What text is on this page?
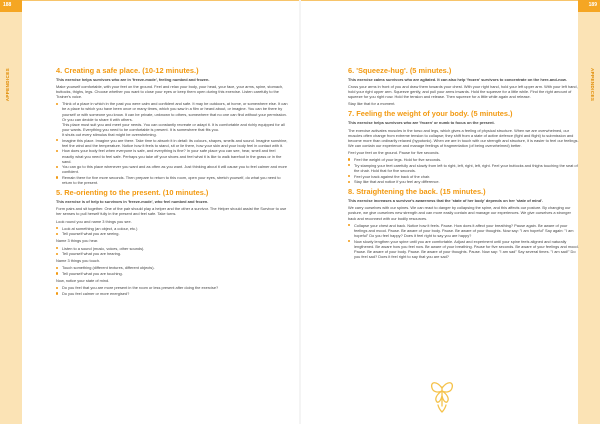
188	189
APPENDICES	APPENDICES
4. Creating a safe place. (10-12 minutes.)

This exercise helps survivors who are in 'freeze-mode', feeling numbed and frozen.

Make yourself comfortable, with your feet on the ground. Feel and relax your body, your head, your face, your arms, spine, stomach, buttocks, thighs, legs. Choose whether you want to close your eyes or keep them open during this exercise. Listen carefully to the Trainer's voice.

Think of a place in which in the past you were calm and confident and safe. It may be outdoors, at home, or somewhere else. It can be a place to which you have been once or many times, which you saw in a film or heard about, or imagine. You can be there by yourself or with someone you know. It can be private, unknown to others, somewhere that no one can find without your permission. Or you can decide to share it with others.
This place must suit you and meet your needs. You can constantly recreate or adapt it. It is comfortable and richly equipped for all your wants. Everything you need to be comfortable is present. It is somewhere that fits you.
It shuts out every stimulus that might be overwhelming.
Imagine this place. Imagine you are there. Take time to absorb it in detail: its colours, shapes, smells and sound. Imagine sunshine, feel the wind and the temperature. Notice how it feels to stand, sit or lie there, how your skin and your body feel in contact with it.
How does your body feel when everyone is safe, and everything is fine? In your safe place you can see, hear, smell and feel exactly what you need to feel safe. Perhaps you take off your shoes and feel what it is like to walk barefoot in the grass or in the sand.
You can go to this place whenever you want and as often as you want. Just thinking about it will cause you to feel calmer and more confident.
Remain there for five more seconds. Then prepare to return to this room, open your eyes, stretch yourself, do what you need to return to the present.
5. Re-orienting to the present. (10 minutes.)

This exercise is of help to survivors in 'freeze-mode', who feel numbed and frozen.

Form pairs and sit together. One of the pair should play a helper and the other a survivor. The Helper should assist the Survivor to use her senses to pull herself fully in the present and feel safe. Take turns.

Look round you and name 3 things you see.

Look at something (an object, a colour, etc.)
Tell yourself what you are seeing.

Name 3 things you hear.

Listen to a sound (music, voices, other sounds).
Tell yourself what you are hearing.

Name 3 things you touch.

Touch something (different textures, different objects).
Tell yourself what you are touching.

Now, notice your state of mind.

Do you feel that you are more present in the room or less present after doing the exercise?
Do you feel calmer or more energised?
6. 'Squeeze-hug'. (5 minutes.)

This exercise calms survivors who are agitated. It can also help 'frozen' survivors to concentrate on the here-and-now.

Cross your arms in front of you and draw them towards your chest. With your right hand, hold your left upper arm. With your left hand, hold your right upper arm. Squeeze gently, and pull your arms inwards. Hold the squeeze for a little while. Find the right amount of squeeze for you right now. Hold the tension and release. Then squeeze for a little while again and release.

Stay like that for a moment.

7. Feeling the weight of your body. (5 minutes.)

This exercise helps survivors who are 'frozen' or numb to focus on the present.

The exercise activates muscles in the torso and legs, which gives a feeling of physical structure. When we are overwhelmed, our muscles often change from extreme tension to collapse; they shift from a state of active defence (fight and flight) to submission and become more than ordinarily relaxed (hypotonic). When we are in touch with our strength and structure, it is easier to feel our feelings. We can contain our experience and manage feelings of fragmentation (of being overwhelmed) better.

Feel your feet on the ground. Pause for five seconds.

Feel the weight of your legs. Hold for five seconds.
Try stamping your feet carefully and slowly from left to right, left, right, left, right. Feel your buttocks and thighs touching the seat of the chair. Hold that for five seconds.
Feel your back against the back of the chair.
Stay like that and notice if you feel any difference.
8. Straightening the back. (15 minutes.)

This exercise increases a survivor's awareness that the 'state of her body' depends on her 'state of mind'.

We carry ourselves with our spines. We can react to danger by collapsing the spine, and this affects our posture. By changing our posture, we give ourselves new strength and can more easily contain and manage our experiences. We give ourselves a stronger back and reconnect with our bodily resources.

Collapse your chest and back. Notice how it feels. Pause. How does it affect your breathing? Pause again. Be aware of your feelings and mood. Pause. Be aware of your body. Pause. Be aware of your thoughts. Now say: "I am hopeful" Say again: "I am hopeful" Do you feel happy? Does it feel right to say you are happy?
Now slowly lengthen your spine until you are comfortable. Adjust and experiment until your spine feels aligned and naturally lengthened. Be aware how you feel now. Be aware of your breathing. Pause for five seconds. Be aware of your feelings and mood. Pause. Be aware of your body. Pause. Be aware of your thoughts. Pause. Now say: "I am sad" Say several times. "I am sad!" Do you feel sad? Does it feel right to say that you are sad?
